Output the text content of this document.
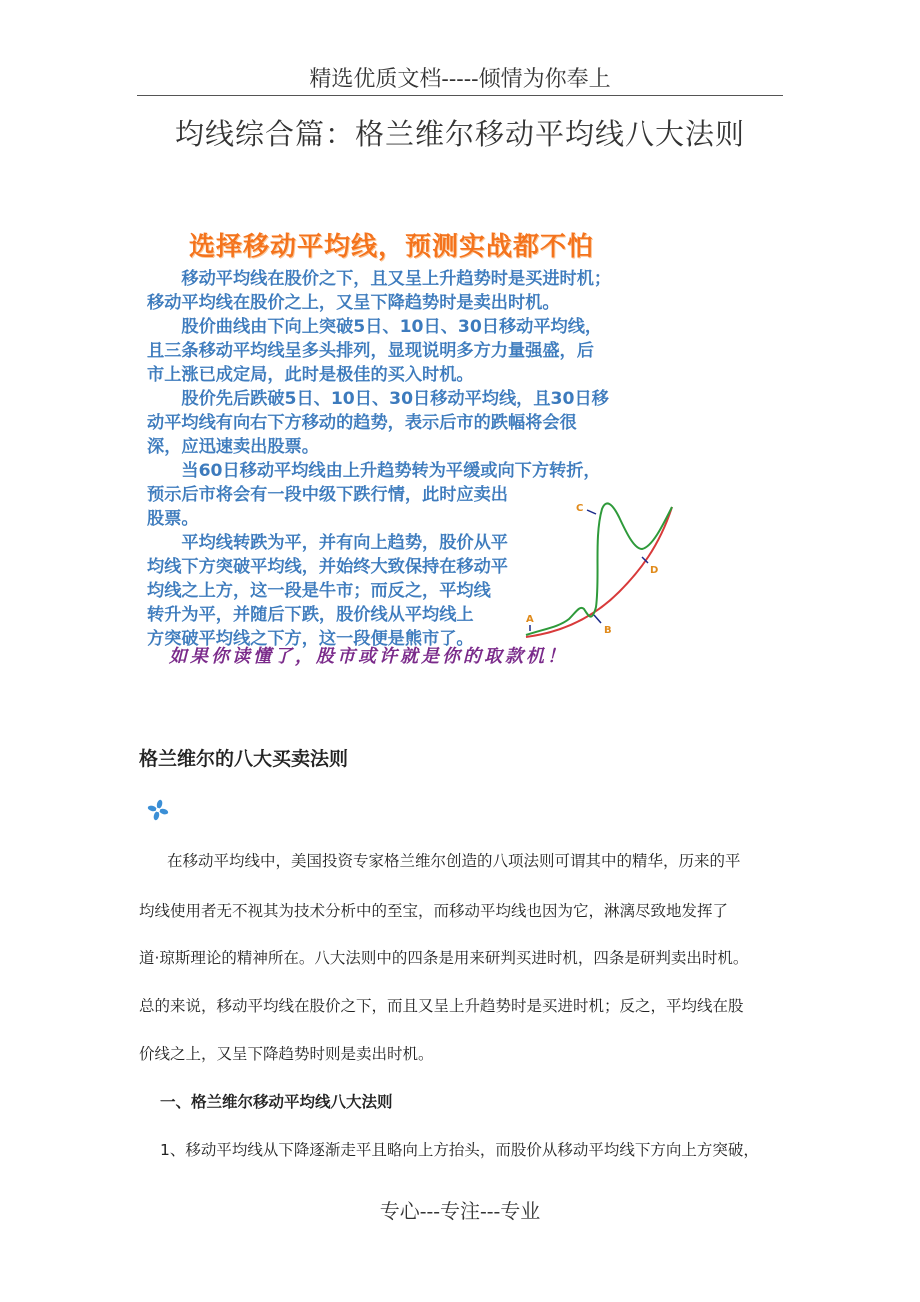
精选优质文档-----倾情为你奉上
均线综合篇：格兰维尔移动平均线八大法则
选择移动平均线，预测实战都不怕
　　移动平均线在股价之下，且又呈上升趋势时是买进时机；
移动平均线在股价之上，又呈下降趋势时是卖出时机。
　　股价曲线由下向上突破5日、10日、30日移动平均线，
且三条移动平均线呈多头排列，显现说明多方力量强盛，后
市上涨已成定局，此时是极佳的买入时机。
　　股价先后跌破5日、10日、30日移动平均线，且30日移
动平均线有向右下方移动的趋势，表示后市的跌幅将会很
深，应迅速卖出股票。
　　当60日移动平均线由上升趋势转为平缓或向下方转折，
预示后市将会有一段中级下跌行情，此时应卖出
股票。
　　平均线转跌为平，并有向上趋势，股价从平
均线下方突破平均线，并始终大致保持在移动平
均线之上方，这一段是牛市；而反之，平均线
转升为平，并随后下跌，股价线从平均线上
方突破平均线之下方，这一段便是熊市了。
A
B
C
D
如果你读懂了，股市或许就是你的取款机！
格兰维尔的八大买卖法则
在移动平均线中，美国投资专家格兰维尔创造的八项法则可谓其中的精华，历来的平
均线使用者无不视其为技术分析中的至宝，而移动平均线也因为它，淋漓尽致地发挥了
道·琼斯理论的精神所在。八大法则中的四条是用来研判买进时机，四条是研判卖出时机。
总的来说，移动平均线在股价之下，而且又呈上升趋势时是买进时机；反之，平均线在股
价线之上，又呈下降趋势时则是卖出时机。
一、格兰维尔移动平均线八大法则
1、移动平均线从下降逐渐走平且略向上方抬头，而股价从移动平均线下方向上方突破，
专心---专注---专业
